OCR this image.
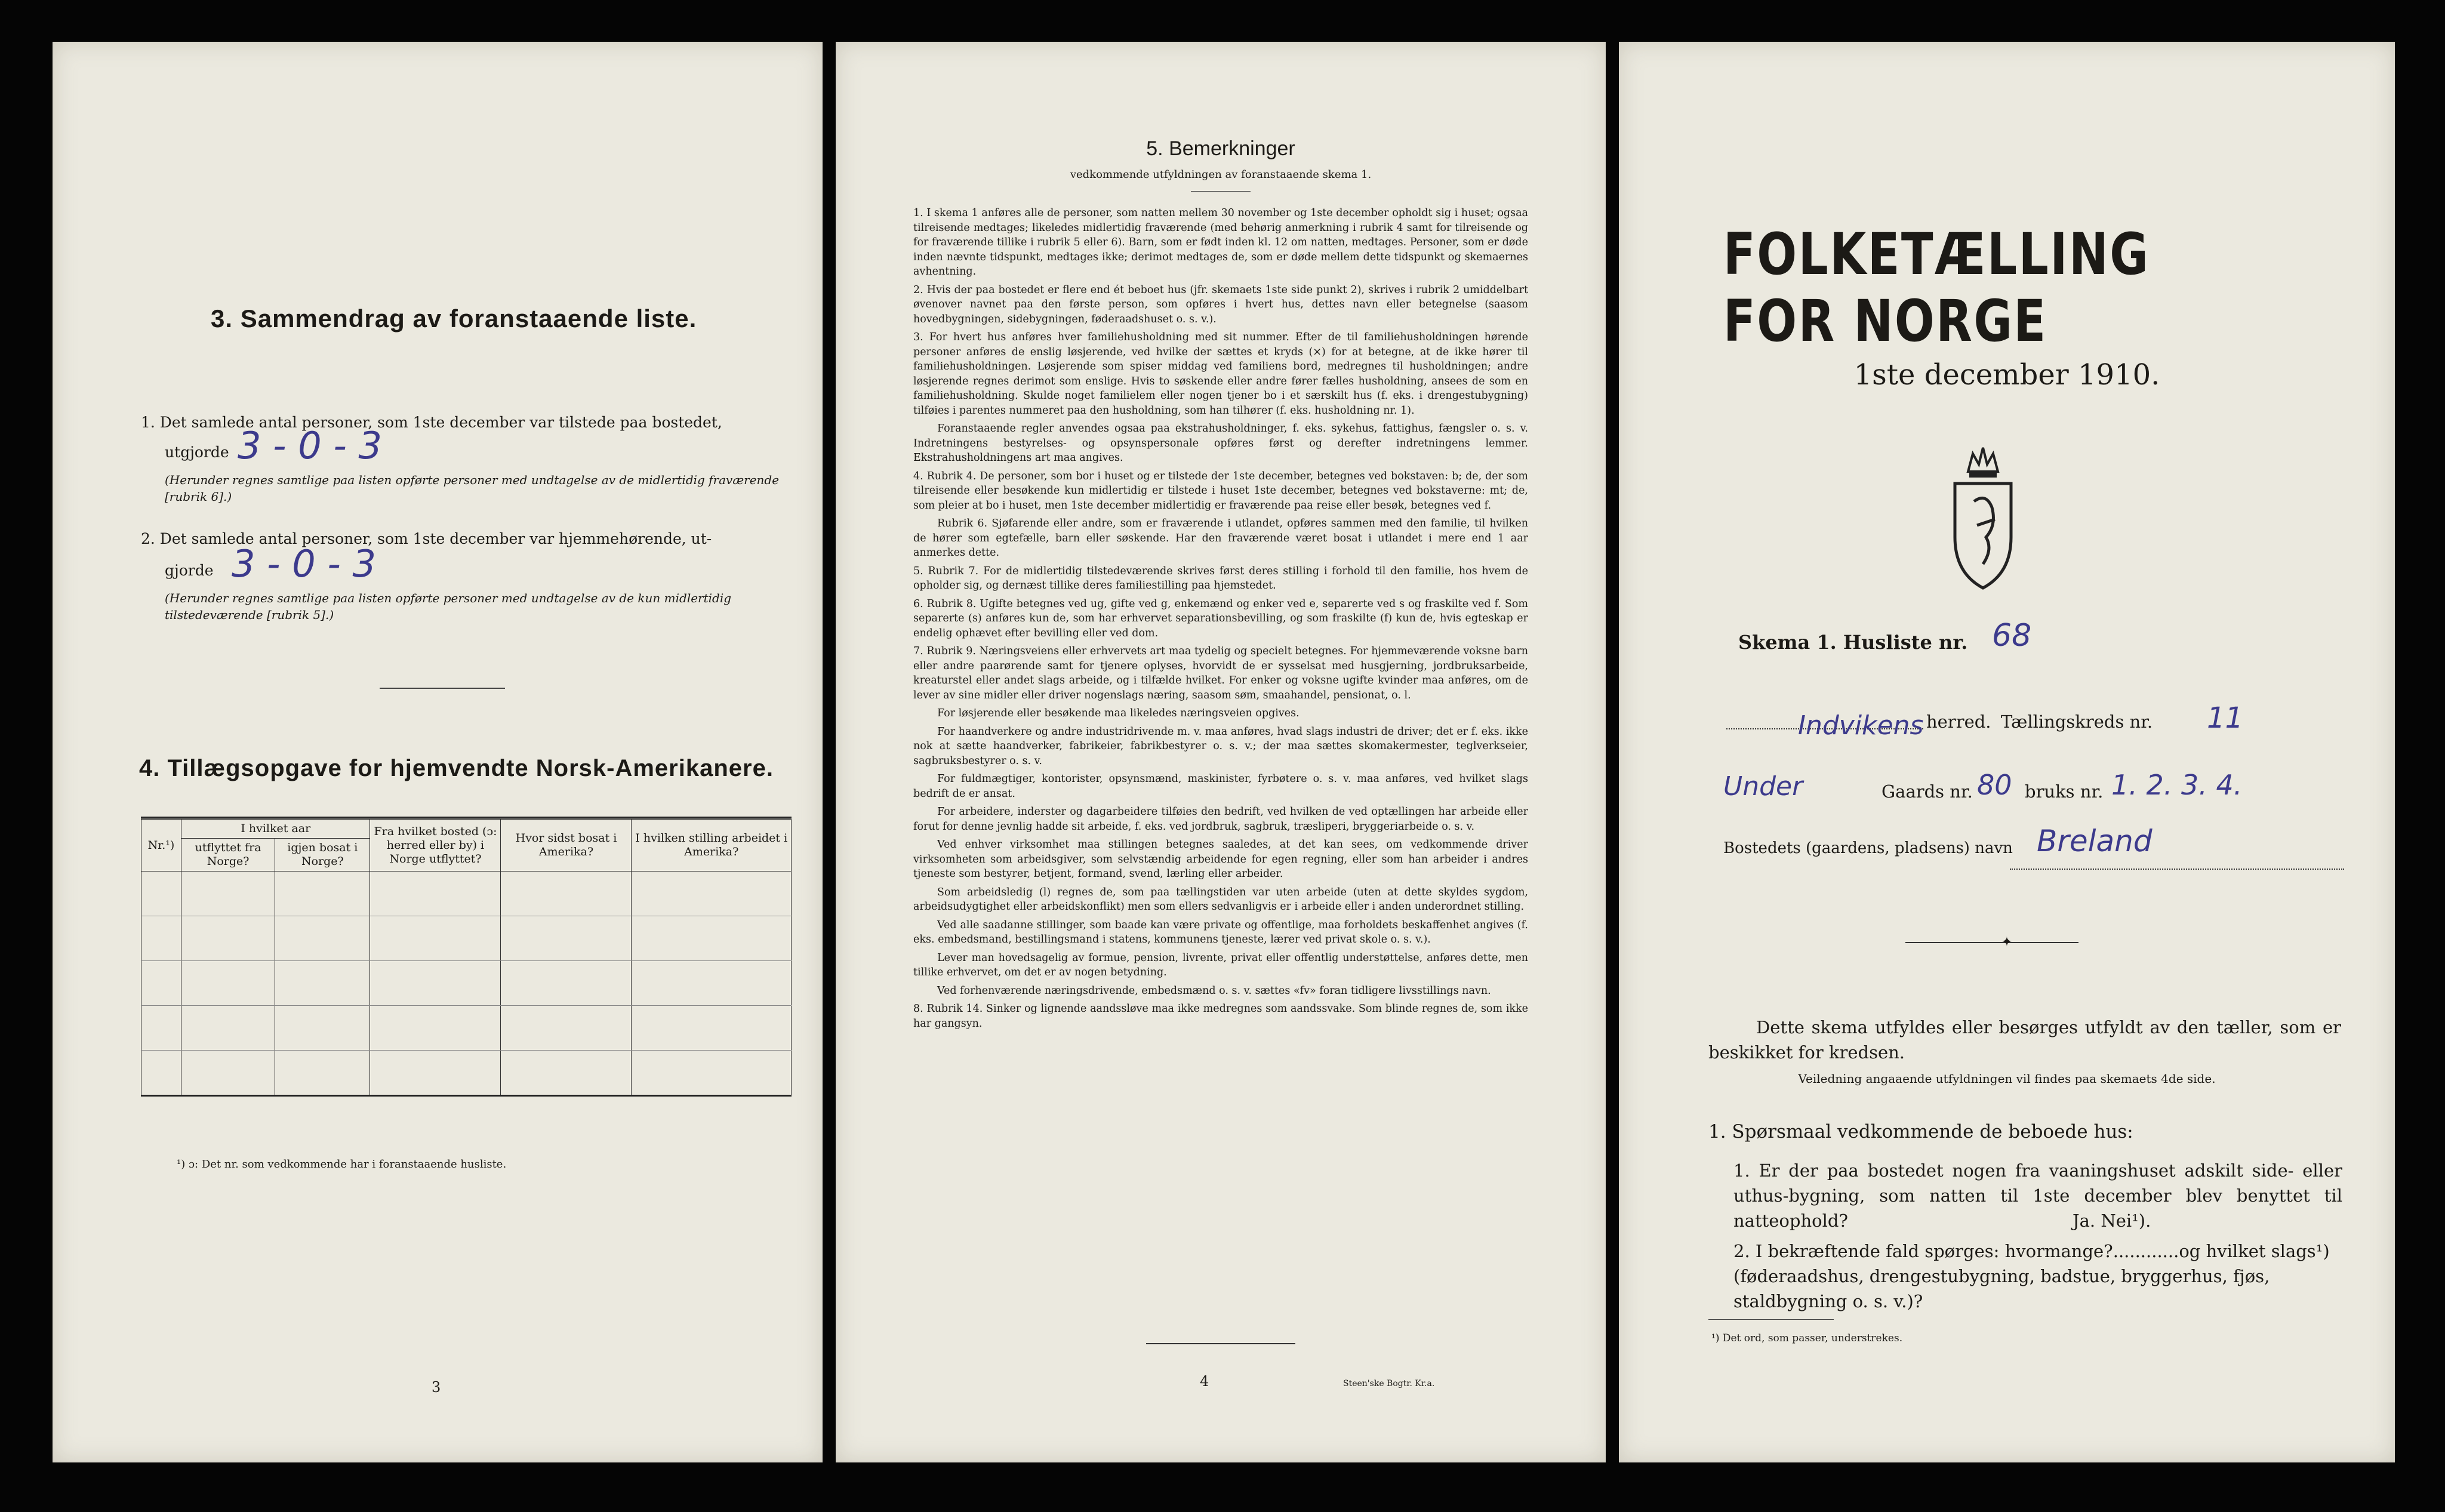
3. Sammendrag av foranstaaende liste.
1. Det samlede antal personer, som 1ste december var tilstede paa bostedet,
utgjorde 3 - 0 - 3
(Herunder regnes samtlige paa listen opførte personer med undtagelse av de midlertidig fraværende [rubrik 6].)
2. Det samlede antal personer, som 1ste december var hjemmehørende, ut-
gjorde 3 - 0 - 3
(Herunder regnes samtlige paa listen opførte personer med undtagelse av de kun midlertidig tilstedeværende [rubrik 5].)
4. Tillægsopgave for hjemvendte Norsk-Amerikanere.
Nr.¹)	I hvilket aar		Fra hvilket bosted (ɔ: herred eller by) i Norge utflyttet?	Hvor sidst bosat i Amerika?	I hvilken stilling arbeidet i Amerika?
	utflyttet fra Norge?	igjen bosat i Norge?			

¹) ɔ: Det nr. som vedkommende har i foranstaaende husliste.
3
5. Bemerkninger
vedkommende utfyldningen av foranstaaende skema 1.

1. I skema 1 anføres alle de personer, som natten mellem 30 november og 1ste december opholdt sig i huset; ogsaa tilreisende medtages; likeledes midlertidig fraværende (med behørig anmerkning i rubrik 4 samt for tilreisende og for fraværende tillike i rubrik 5 eller 6). Barn, som er født inden kl. 12 om natten, medtages. Personer, som er døde inden nævnte tidspunkt, medtages ikke; derimot medtages de, som er døde mellem dette tidspunkt og skemaernes avhentning.

2. Hvis der paa bostedet er flere end ét beboet hus (jfr. skemaets 1ste side punkt 2), skrives i rubrik 2 umiddelbart øvenover navnet paa den første person, som opføres i hvert hus, dettes navn eller betegnelse (saasom hovedbygningen, sidebygningen, føderaadshuset o. s. v.).

3. For hvert hus anføres hver familiehusholdning med sit nummer. Efter de til familiehusholdningen hørende personer anføres de enslig løsjerende, ved hvilke der sættes et kryds (×) for at betegne, at de ikke hører til familiehusholdningen. Løsjerende som spiser middag ved familiens bord, medregnes til husholdningen; andre løsjerende regnes derimot som enslige. Hvis to søskende eller andre fører fælles husholdning, ansees de som en familiehusholdning. Skulde noget familielem eller nogen tjener bo i et særskilt hus (f. eks. i drengestubygning) tilføies i parentes nummeret paa den husholdning, som han tilhører (f. eks. husholdning nr. 1).

Foranstaaende regler anvendes ogsaa paa ekstrahusholdninger, f. eks. sykehus, fattighus, fængsler o. s. v. Indretningens bestyrelses- og opsynspersonale opføres først og derefter indretningens lemmer. Ekstrahusholdningens art maa angives.

4. Rubrik 4. De personer, som bor i huset og er tilstede der 1ste december, betegnes ved bokstaven: b; de, der som tilreisende eller besøkende kun midlertidig er tilstede i huset 1ste december, betegnes ved bokstaverne: mt; de, som pleier at bo i huset, men 1ste december midlertidig er fraværende paa reise eller besøk, betegnes ved f.

Rubrik 6. Sjøfarende eller andre, som er fraværende i utlandet, opføres sammen med den familie, til hvilken de hører som egtefælle, barn eller søskende. Har den fraværende været bosat i utlandet i mere end 1 aar anmerkes dette.

5. Rubrik 7. For de midlertidig tilstedeværende skrives først deres stilling i forhold til den familie, hos hvem de opholder sig, og dernæst tillike deres familiestilling paa hjemstedet.

6. Rubrik 8. Ugifte betegnes ved ug, gifte ved g, enkemænd og enker ved e, separerte ved s og fraskilte ved f. Som separerte (s) anføres kun de, som har erhvervet separationsbevilling, og som fraskilte (f) kun de, hvis egteskap er endelig ophævet efter bevilling eller ved dom.

7. Rubrik 9. Næringsveiens eller erhvervets art maa tydelig og specielt betegnes. For hjemmeværende voksne barn eller andre paarørende samt for tjenere oplyses, hvorvidt de er sysselsat med husgjerning, jordbruksarbeide, kreaturstel eller andet slags arbeide, og i tilfælde hvilket. For enker og voksne ugifte kvinder maa anføres, om de lever av sine midler eller driver nogenslags næring, saasom søm, smaahandel, pensionat, o. l.

For løsjerende eller besøkende maa likeledes næringsveien opgives.

For haandverkere og andre industridrivende m. v. maa anføres, hvad slags industri de driver; det er f. eks. ikke nok at sætte haandverker, fabrikeier, fabrikbestyrer o. s. v.; der maa sættes skomakermester, teglverkseier, sagbruksbestyrer o. s. v.

For fuldmægtiger, kontorister, opsynsmænd, maskinister, fyrbøtere o. s. v. maa anføres, ved hvilket slags bedrift de er ansat.

For arbeidere, inderster og dagarbeidere tilføies den bedrift, ved hvilken de ved optællingen har arbeide eller forut for denne jevnlig hadde sit arbeide, f. eks. ved jordbruk, sagbruk, træsliperi, bryggeriarbeide o. s. v.

Ved enhver virksomhet maa stillingen betegnes saaledes, at det kan sees, om vedkommende driver virksomheten som arbeidsgiver, som selvstændig arbeidende for egen regning, eller som han arbeider i andres tjeneste som bestyrer, betjent, formand, svend, lærling eller arbeider.

Som arbeidsledig (l) regnes de, som paa tællingstiden var uten arbeide (uten at dette skyldes sygdom, arbeidsudygtighet eller arbeidskonflikt) men som ellers sedvanligvis er i arbeide eller i anden underordnet stilling.

Ved alle saadanne stillinger, som baade kan være private og offentlige, maa forholdets beskaffenhet angives (f. eks. embedsmand, bestillingsmand i statens, kommunens tjeneste, lærer ved privat skole o. s. v.).

Lever man hovedsagelig av formue, pension, livrente, privat eller offentlig understøttelse, anføres dette, men tillike erhvervet, om det er av nogen betydning.

Ved forhenværende næringsdrivende, embedsmænd o. s. v. sættes «fv» foran tidligere livsstillings navn.

8. Rubrik 14. Sinker og lignende aandssløve maa ikke medregnes som aandssvake. Som blinde regnes de, som ikke har gangsyn.

4	Steen'ske Bogtr. Kr.a.
FOLKETÆLLING FOR NORGE
1ste december 1910.
Skema 1. Husliste nr. 68
Indvikens herred. Tællingskreds nr. 11
Under	Gaards nr. 80 bruks nr. 1. 2. 3. 4.
Bostedets (gaardens, pladsens) navn Breland
✦
Dette skema utfyldes eller besørges utfyldt av den tæller, som er beskikket for kredsen.
Veiledning angaaende utfyldningen vil findes paa skemaets 4de side.
1. Spørsmaal vedkommende de beboede hus:
1. Er der paa bostedet nogen fra vaaningshuset adskilt side- eller uthus-bygning, som natten til 1ste december blev benyttet til natteophold?	Ja. Nei¹).
2. I bekræftende fald spørges: hvormange?............og hvilket slags¹) (føderaadshus, drengestubygning, badstue, bryggerhus, fjøs, staldbygning o. s. v.)?
¹) Det ord, som passer, understrekes.
